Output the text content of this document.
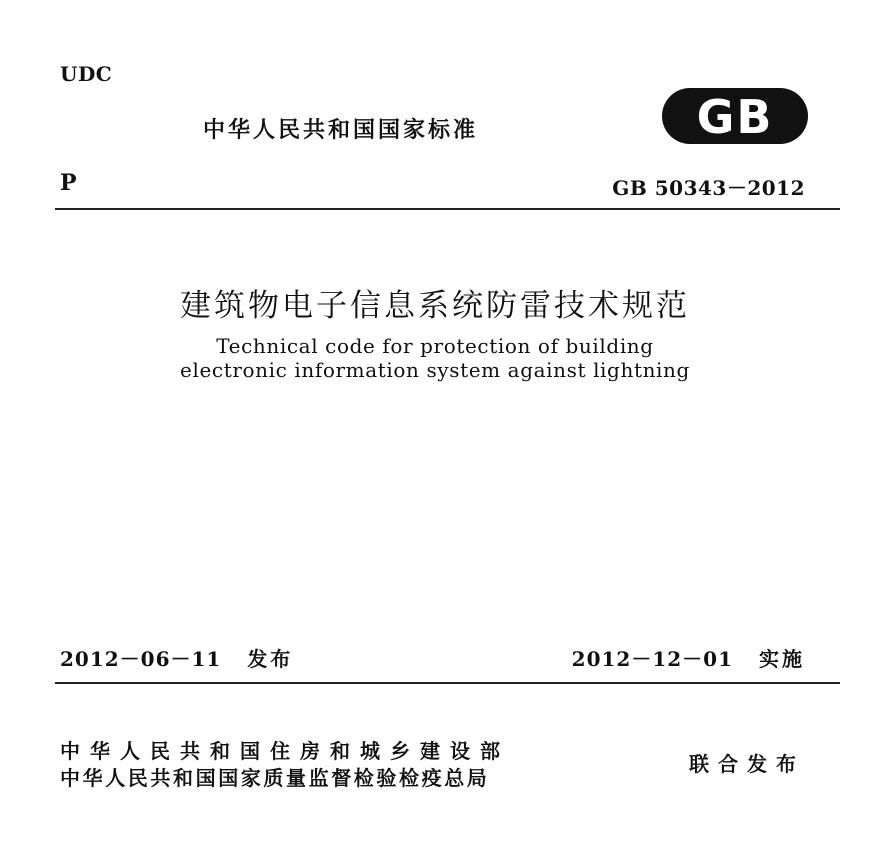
UDC
中华人民共和国国家标准	GB
P	GB 50343－2012
建筑物电子信息系统防雷技术规范
Technical code for protection of building
electronic information system against lightning
2012－06－11 发布	2012－12－01 实施
中华人民共和国住房和城乡建设部
中华人民共和国国家质量监督检验检疫总局
联合发布
